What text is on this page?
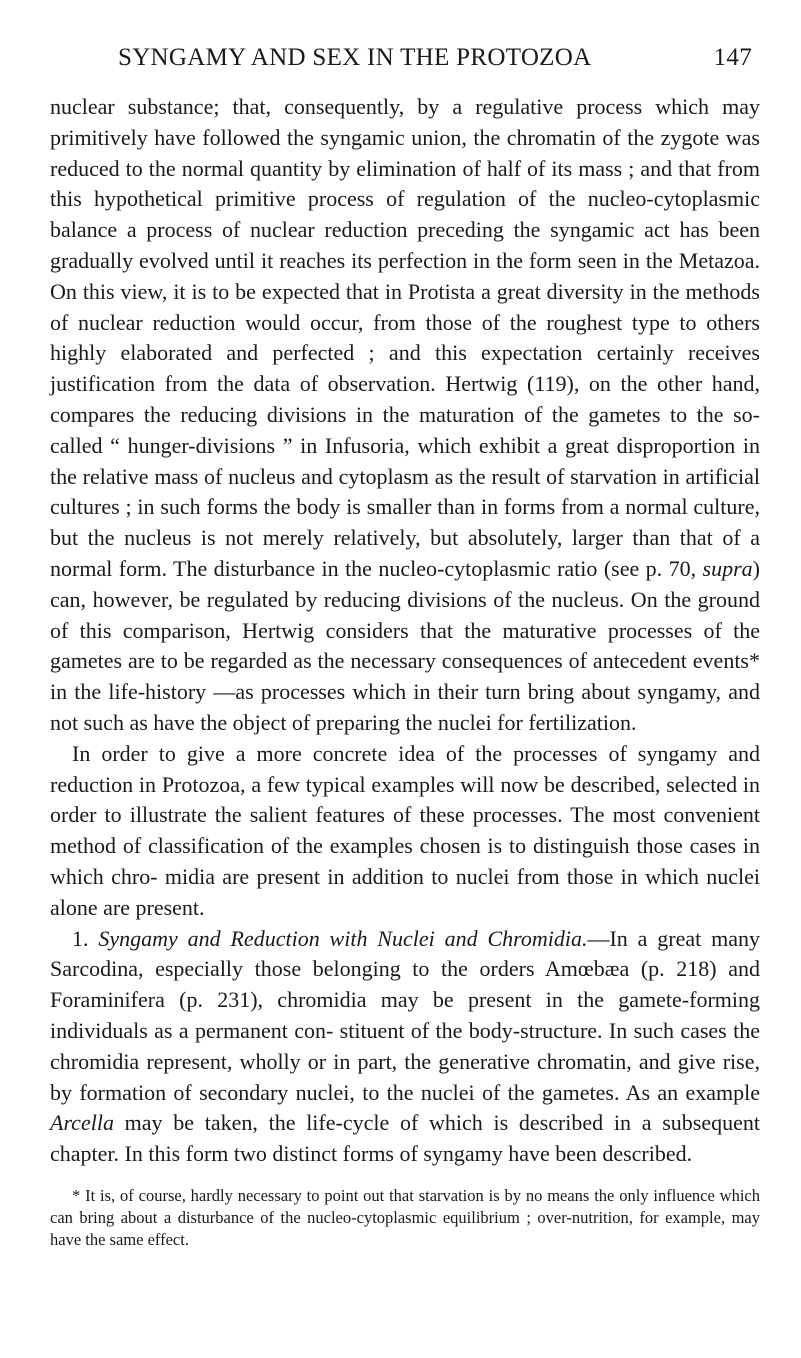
SYNGAMY AND SEX IN THE PROTOZOA	147

nuclear substance; that, consequently, by a regulative process which may primitively have followed the syngamic union, the chromatin of the zygote was reduced to the normal quantity by elimination of half of its mass ; and that from this hypothetical primitive process of regulation of the nucleo-cytoplasmic balance a process of nuclear reduction preceding the syngamic act has been gradually evolved until it reaches its perfection in the form seen in the Metazoa. On this view, it is to be expected that in Protista a great diversity in the methods of nuclear reduction would occur, from those of the roughest type to others highly elaborated and perfected ; and this expectation certainly receives justification from the data of observation. Hertwig (119), on the other hand, compares the reducing divisions in the maturation of the gametes to the so-called “ hunger-divisions ” in Infusoria, which exhibit a great disproportion in the relative mass of nucleus and cytoplasm as the result of starvation in artificial cultures ; in such forms the body is smaller than in forms from a normal culture, but the nucleus is not merely relatively, but absolutely, larger than that of a normal form. The disturbance in the nucleo-cytoplasmic ratio (see p. 70, supra) can, however, be regulated by reducing divisions of the nucleus. On the ground of this comparison, Hertwig considers that the maturative processes of the gametes are to be regarded as the necessary consequences of antecedent events* in the life-history —as processes which in their turn bring about syngamy, and not such as have the object of preparing the nuclei for fertilization.

In order to give a more concrete idea of the processes of syngamy and reduction in Protozoa, a few typical examples will now be described, selected in order to illustrate the salient features of these processes. The most convenient method of classification of the examples chosen is to distinguish those cases in which chro- midia are present in addition to nuclei from those in which nuclei alone are present.

1. Syngamy and Reduction with Nuclei and Chromidia.—In a great many Sarcodina, especially those belonging to the orders Amœbæa (p. 218) and Foraminifera (p. 231), chromidia may be present in the gamete-forming individuals as a permanent con- stituent of the body-structure. In such cases the chromidia represent, wholly or in part, the generative chromatin, and give rise, by formation of secondary nuclei, to the nuclei of the gametes. As an example Arcella may be taken, the life-cycle of which is described in a subsequent chapter. In this form two distinct forms of syngamy have been described.

* It is, of course, hardly necessary to point out that starvation is by no means the only influence which can bring about a disturbance of the nucleo-cytoplasmic equilibrium ; over-nutrition, for example, may have the same effect.
